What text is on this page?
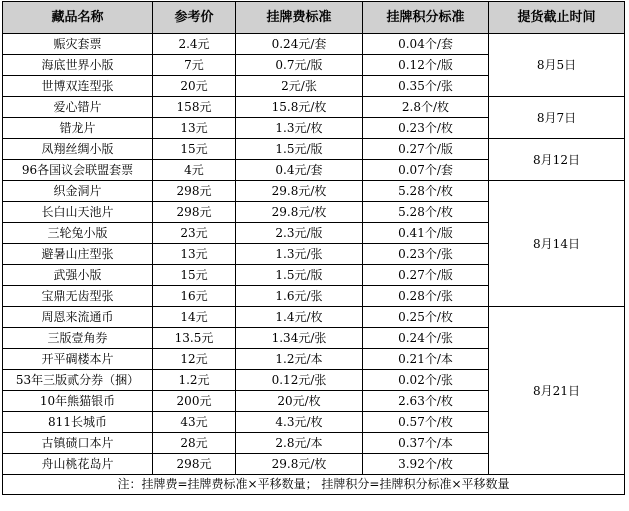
藏品名称	参考价	挂牌费标准	挂牌积分标准	提货截止时间
赈灾套票	2.4元	0.24元/套	0.04个/套	8月5日
海底世界小版	7元	0.7元/版	0.12个/版	
世博双连型张	20元	2元/张	0.35个/张	
爱心错片	158元	15.8元/枚	2.8个/枚	8月7日
错龙片	13元	1.3元/枚	0.23个/枚	
凤翔丝绸小版	15元	1.5元/版	0.27个/版	8月12日
96各国议会联盟套票	4元	0.4元/套	0.07个/套	
织金洞片	298元	29.8元/枚	5.28个/枚	8月14日
长白山天池片	298元	29.8元/枚	5.28个/枚	
三轮兔小版	23元	2.3元/版	0.41个/版	
避暑山庄型张	13元	1.3元/张	0.23个/张	
武强小版	15元	1.5元/版	0.27个/版	
宝鼎无齿型张	16元	1.6元/张	0.28个/张	
周恩来流通币	14元	1.4元/枚	0.25个/枚	8月21日
三版壹角券	13.5元	1.34元/张	0.24个/张	
开平碉楼本片	12元	1.2元/本	0.21个/本	
53年三版贰分券（捆）	1.2元	0.12元/张	0.02个/张	
10年熊猫银币	200元	20元/枚	2.63个/枚	
811长城币	43元	4.3元/枚	0.57个/枚	
古镇碛口本片	28元	2.8元/本	0.37个/本	
舟山桃花岛片	298元	29.8元/枚	3.92个/枚	
注：挂牌费=挂牌费标准×平移数量； 挂牌积分=挂牌积分标准×平移数量				
